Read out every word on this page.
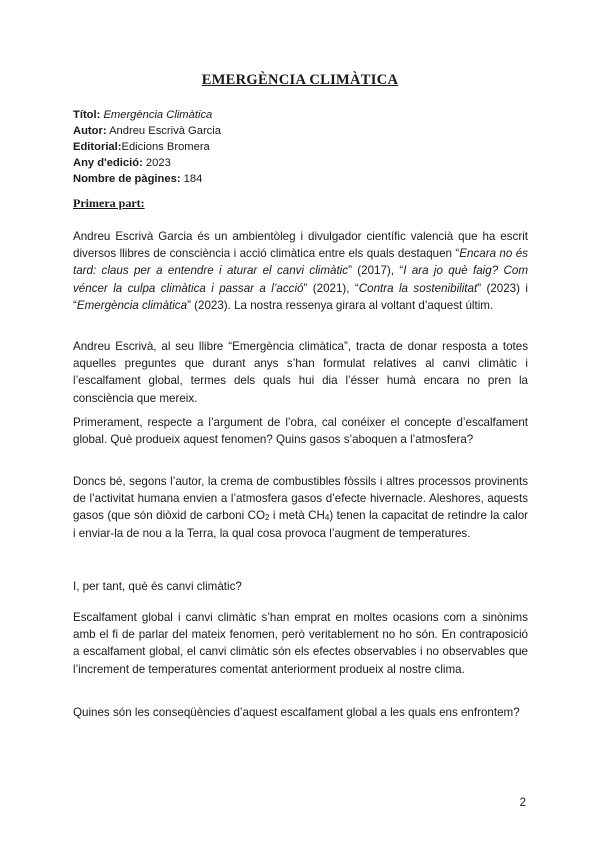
EMERGÈNCIA CLIMÀTICA
Títol: Emergència Climàtica
Autor: Andreu Escrivà Garcia
Editorial:Edicions Bromera
Any d'edició: 2023
Nombre de pàgines: 184
Primera part:

Andreu Escrivà Garcia és un ambientòleg i divulgador científic valencià que ha escrit diversos llibres de consciència i acció climàtica entre els quals destaquen “Encara no és tard: claus per a entendre i aturar el canvi climàtic” (2017), “I ara jo què faig? Com véncer la culpa climàtica i passar a l’acció” (2021), “Contra la sostenibilitat” (2023) i “Emergència climàtica” (2023). La nostra ressenya girara al voltant d’aquest últim.

Andreu Escrivà, al seu llibre “Emergència climàtica”, tracta de donar resposta a totes aquelles preguntes que durant anys s’han formulat relatives al canvi climàtic i l’escalfament global, termes dels quals hui dia l’ésser humà encara no pren la consciència que mereix.

Primerament, respecte a l’argument de l’obra, cal conéixer el concepte d’escalfament global. Què produeix aquest fenomen? Quins gasos s’aboquen a l’atmosfera?

Doncs bé, segons l’autor, la crema de combustibles fòssils i altres processos provinents de l’activitat humana envien a l’atmosfera gasos d’efecte hivernacle. Aleshores, aquests gasos (que són diòxid de carboni $CO_2$ i metà $CH_4$) tenen la capacitat de retindre la calor i enviar-la de nou a la Terra, la qual cosa provoca l’augment de temperatures.

I, per tant, què és canvi climàtic?

Escalfament global i canvi climàtic s’han emprat en moltes ocasions com a sinònims amb el fi de parlar del mateix fenomen, però veritablement no ho són. En contraposició a escalfament global, el canvi climàtic són els efectes observables i no observables que l’increment de temperatures comentat anteriorment produeix al nostre clima.

Quines són les conseqüències d’aquest escalfament global a les quals ens enfrontem?

2
